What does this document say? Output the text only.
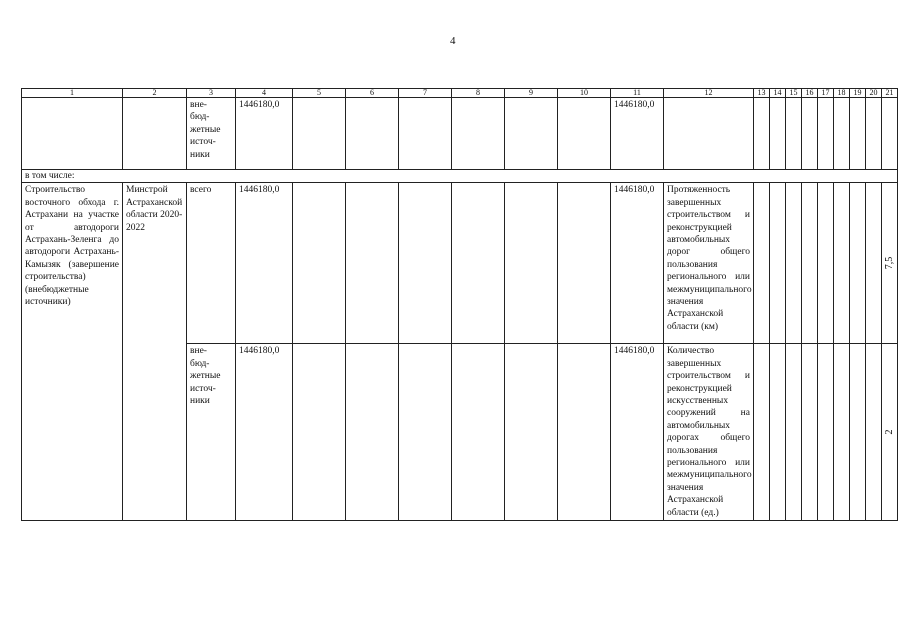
4
1	2	3	4	5	6	7	8	9	10	11	12	13	14	15	16	17	18	19	20	21
		вне-
бюд-
жетные
источ-
ники	1446180,0							1446180,0										
в том числе:																				
Строительство восточного обхода г. Астрахани на участке от автодороги Астрахань-Зеленга до автодороги Астрахань-Камызяк (завершение строительства) (внебюджетные источники)	Минстрой Астраханской области 2020-2022	всего	1446180,0							1446180,0	Протяженность завершенных строительством и реконструкцией автомобильных дорог общего пользования регионального или межмуниципального значения Астраханской области (км)									7,5

		вне-
бюд-
жетные
источ-
ники	1446180,0							1446180,0	Количество завершенных строительством и реконструкцией искусственных сооружений на автомобильных дорогах общего пользования регионального или межмуниципального значения Астраханской области (ед.)									2
